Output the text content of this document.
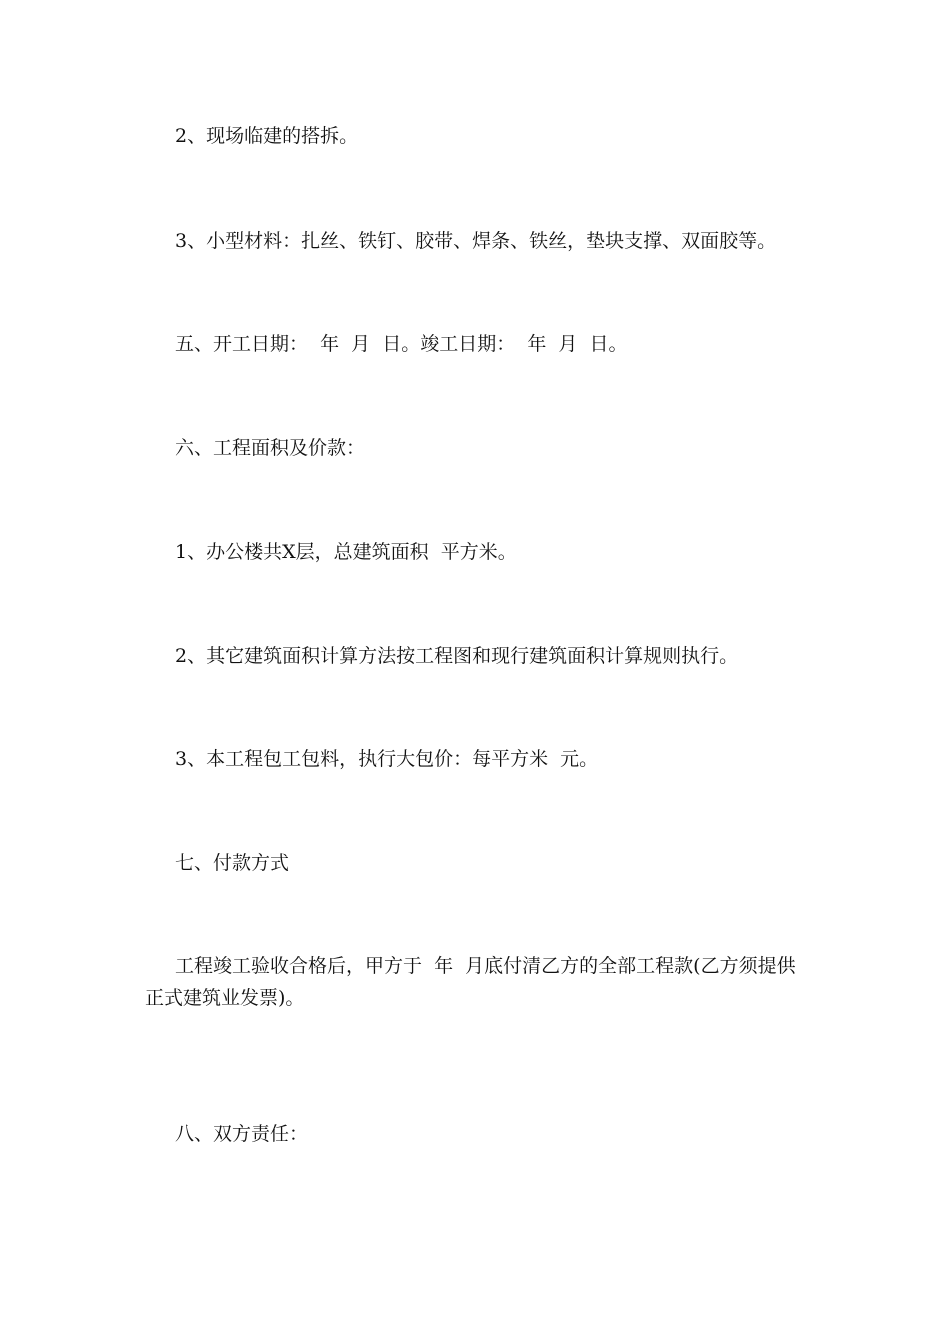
2、现场临建的搭拆。

3、小型材料：扎丝、铁钉、胶带、焊条、铁丝，垫块支撑、双面胶等。

五、开工日期：  年  月  日。竣工日期：  年  月  日。

六、工程面积及价款：

1、办公楼共X层，总建筑面积  平方米。

2、其它建筑面积计算方法按工程图和现行建筑面积计算规则执行。

3、本工程包工包料，执行大包价：每平方米  元。

七、付款方式

工程竣工验收合格后，甲方于  年  月底付清乙方的全部工程款(乙方须提供正式建筑业发票)。

八、双方责任：
